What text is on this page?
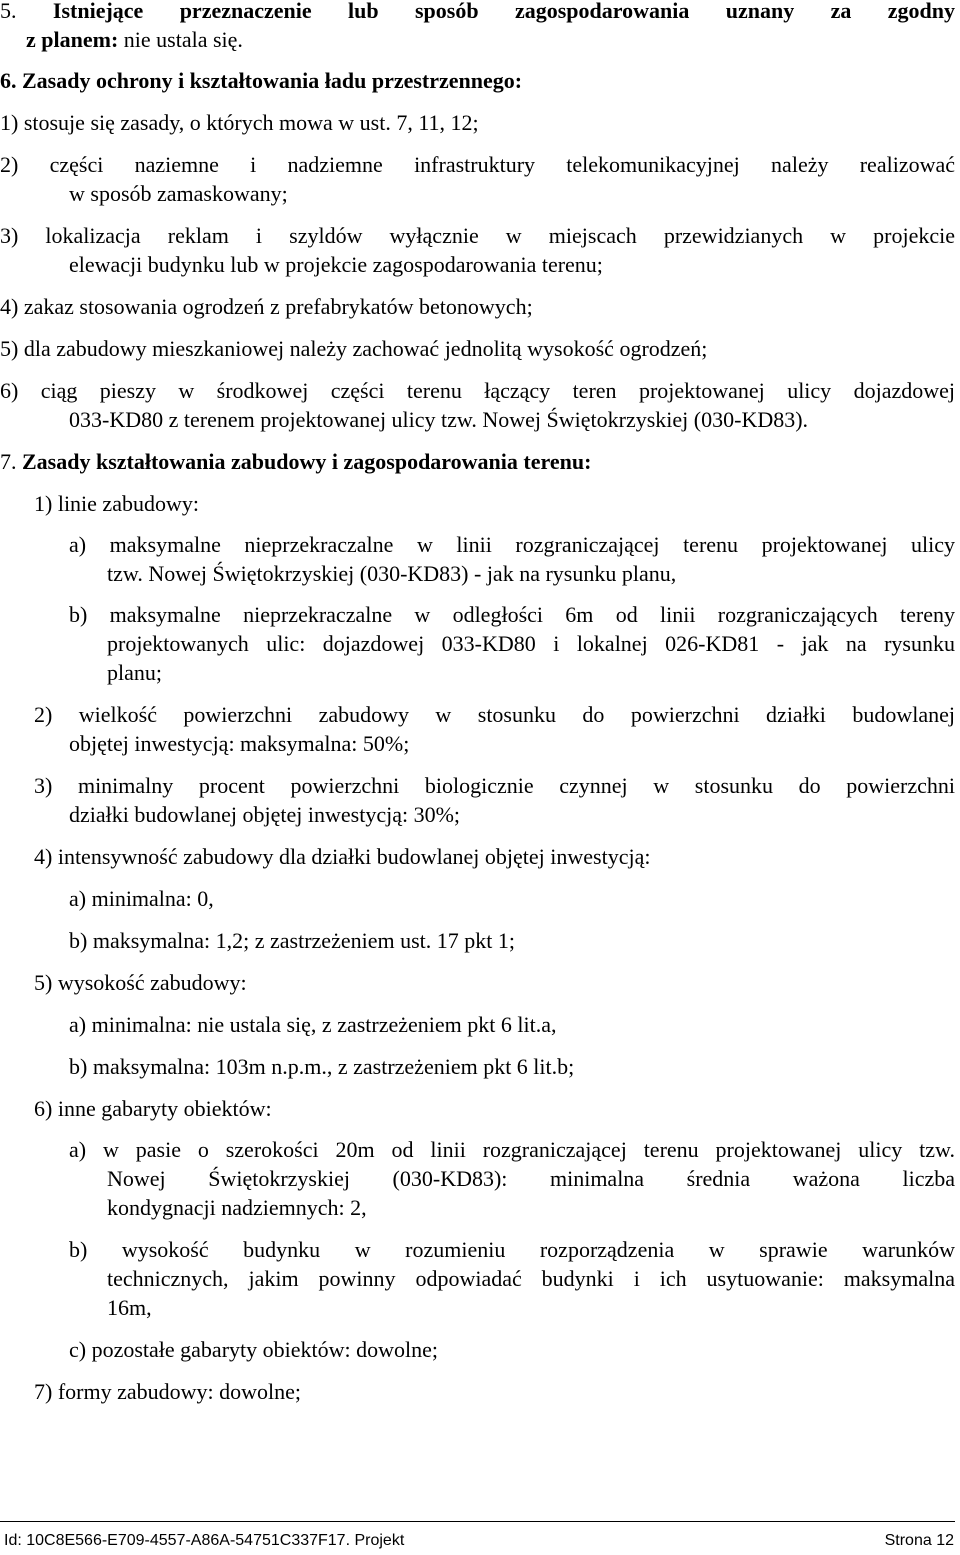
5. Istniejące przeznaczenie lub sposób zagospodarowania uznany za zgodny
z planem: nie ustala się.
6. Zasady ochrony i kształtowania ładu przestrzennego:
1) stosuje się zasady, o których mowa w ust. 7, 11, 12;
2) części naziemne i nadziemne infrastruktury telekomunikacyjnej należy realizować
w sposób zamaskowany;
3) lokalizacja reklam i szyldów wyłącznie w miejscach przewidzianych w projekcie
elewacji budynku lub w projekcie zagospodarowania terenu;
4) zakaz stosowania ogrodzeń z prefabrykatów betonowych;
5) dla zabudowy mieszkaniowej należy zachować jednolitą wysokość ogrodzeń;
6) ciąg pieszy w środkowej części terenu łączący teren projektowanej ulicy dojazdowej
033-KD80 z terenem projektowanej ulicy tzw. Nowej Świętokrzyskiej (030-KD83).
7. Zasady kształtowania zabudowy i zagospodarowania terenu:
1) linie zabudowy:
a) maksymalne nieprzekraczalne w linii rozgraniczającej terenu projektowanej ulicy
tzw. Nowej Świętokrzyskiej (030-KD83) - jak na rysunku planu,
b) maksymalne nieprzekraczalne w odległości 6m od linii rozgraniczających tereny
projektowanych ulic: dojazdowej 033-KD80 i lokalnej 026-KD81 - jak na rysunku
planu;
2) wielkość powierzchni zabudowy w stosunku do powierzchni działki budowlanej
objętej inwestycją: maksymalna: 50%;
3) minimalny procent powierzchni biologicznie czynnej w stosunku do powierzchni
działki budowlanej objętej inwestycją: 30%;
4) intensywność zabudowy dla działki budowlanej objętej inwestycją:
a) minimalna: 0,
b) maksymalna: 1,2; z zastrzeżeniem ust. 17 pkt 1;
5) wysokość zabudowy:
a) minimalna: nie ustala się, z zastrzeżeniem pkt 6 lit.a,
b) maksymalna: 103m n.p.m., z zastrzeżeniem pkt 6 lit.b;
6) inne gabaryty obiektów:
a) w pasie o szerokości 20m od linii rozgraniczającej terenu projektowanej ulicy tzw.
Nowej Świętokrzyskiej (030-KD83): minimalna średnia ważona liczba
kondygnacji nadziemnych: 2,
b) wysokość budynku w rozumieniu rozporządzenia w sprawie warunków
technicznych, jakim powinny odpowiadać budynki i ich usytuowanie: maksymalna
16m,
c) pozostałe gabaryty obiektów: dowolne;
7) formy zabudowy: dowolne;
Id: 10C8E566-E709-4557-A86A-54751C337F17. Projekt	Strona 12
